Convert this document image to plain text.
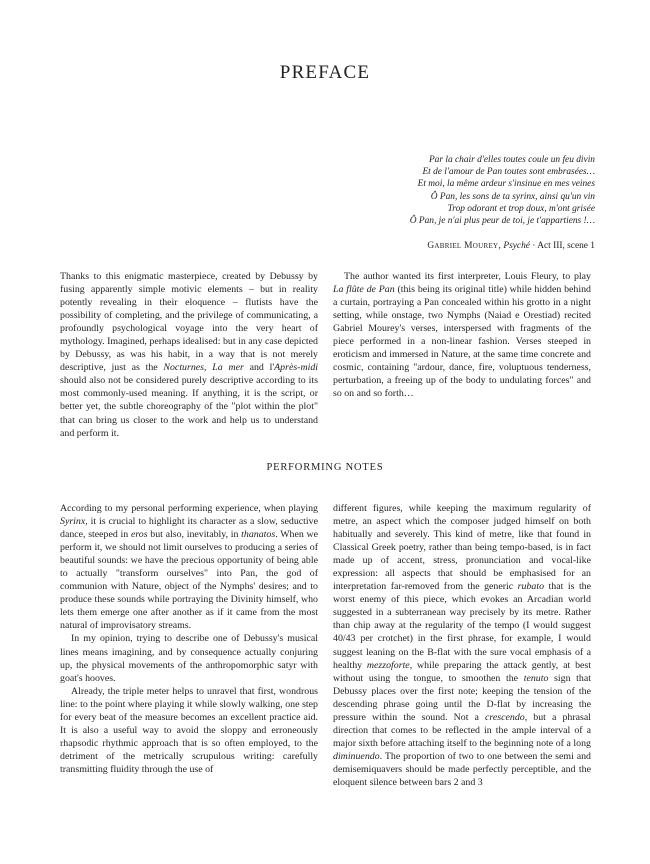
PREFACE
Par la chair d'elles toutes coule un feu divin
Et de l'amour de Pan toutes sont embrasées…
Et moi, la même ardeur s'insinue en mes veines
Ô Pan, les sons de ta syrinx, ainsi qu'un vin
Trop odorant et trop doux, m'ont grisée
Ô Pan, je n'ai plus peur de toi, je t'appartiens !…
Gabriel Mourey, Psyché · Act III, scene 1

Thanks to this enigmatic masterpiece, created by Debussy by fusing apparently simple motivic elements – but in reality potently revealing in their eloquence – flutists have the possibility of completing, and the privilege of communicating, a profoundly psychological voyage into the very heart of mythology. Imagined, perhaps idealised: but in any case depicted by Debussy, as was his habit, in a way that is not merely descriptive, just as the Nocturnes, La mer and l'Après-midi should also not be considered purely descriptive according to its most commonly-used meaning. If anything, it is the script, or better yet, the subtle choreography of the "plot within the plot" that can bring us closer to the work and help us to understand and perform it.

The author wanted its first interpreter, Louis Fleury, to play La flûte de Pan (this being its original title) while hidden behind a curtain, portraying a Pan concealed within his grotto in a night setting, while onstage, two Nymphs (Naiad e Orestiad) recited Gabriel Mourey's verses, interspersed with fragments of the piece performed in a non-linear fashion. Verses steeped in eroticism and immersed in Nature, at the same time concrete and cosmic, containing "ardour, dance, fire, voluptuous tenderness, perturbation, a freeing up of the body to undulating forces" and so on and so forth…

PERFORMING NOTES

According to my personal performing experience, when playing Syrinx, it is crucial to highlight its character as a slow, seductive dance, steeped in eros but also, inevitably, in thanatos. When we perform it, we should not limit ourselves to producing a series of beautiful sounds: we have the precious opportunity of being able to actually "transform ourselves" into Pan, the god of communion with Nature, object of the Nymphs' desires; and to produce these sounds while portraying the Divinity himself, who lets them emerge one after another as if it came from the most natural of improvisatory streams.

In my opinion, trying to describe one of Debussy's musical lines means imagining, and by consequence actually conjuring up, the physical movements of the anthropomorphic satyr with goat's hooves.

Already, the triple meter helps to unravel that first, wondrous line: to the point where playing it while slowly walking, one step for every beat of the measure becomes an excellent practice aid. It is also a useful way to avoid the sloppy and erroneously rhapsodic rhythmic approach that is so often employed, to the detriment of the metrically scrupulous writing: carefully transmitting fluidity through the use of

different figures, while keeping the maximum regularity of metre, an aspect which the composer judged himself on both habitually and severely. This kind of metre, like that found in Classical Greek poetry, rather than being tempo-based, is in fact made up of accent, stress, pronunciation and vocal-like expression: all aspects that should be emphasised for an interpretation far-removed from the generic rubato that is the worst enemy of this piece, which evokes an Arcadian world suggested in a subterranean way precisely by its metre. Rather than chip away at the regularity of the tempo (I would suggest 40/43 per crotchet) in the first phrase, for example, I would suggest leaning on the B-flat with the sure vocal emphasis of a healthy mezzoforte, while preparing the attack gently, at best without using the tongue, to smoothen the tenuto sign that Debussy places over the first note; keeping the tension of the descending phrase going until the D-flat by increasing the pressure within the sound. Not a crescendo, but a phrasal direction that comes to be reflected in the ample interval of a major sixth before attaching itself to the beginning note of a long diminuendo. The proportion of two to one between the semi and demisemiquavers should be made perfectly perceptible, and the eloquent silence between bars 2 and 3
